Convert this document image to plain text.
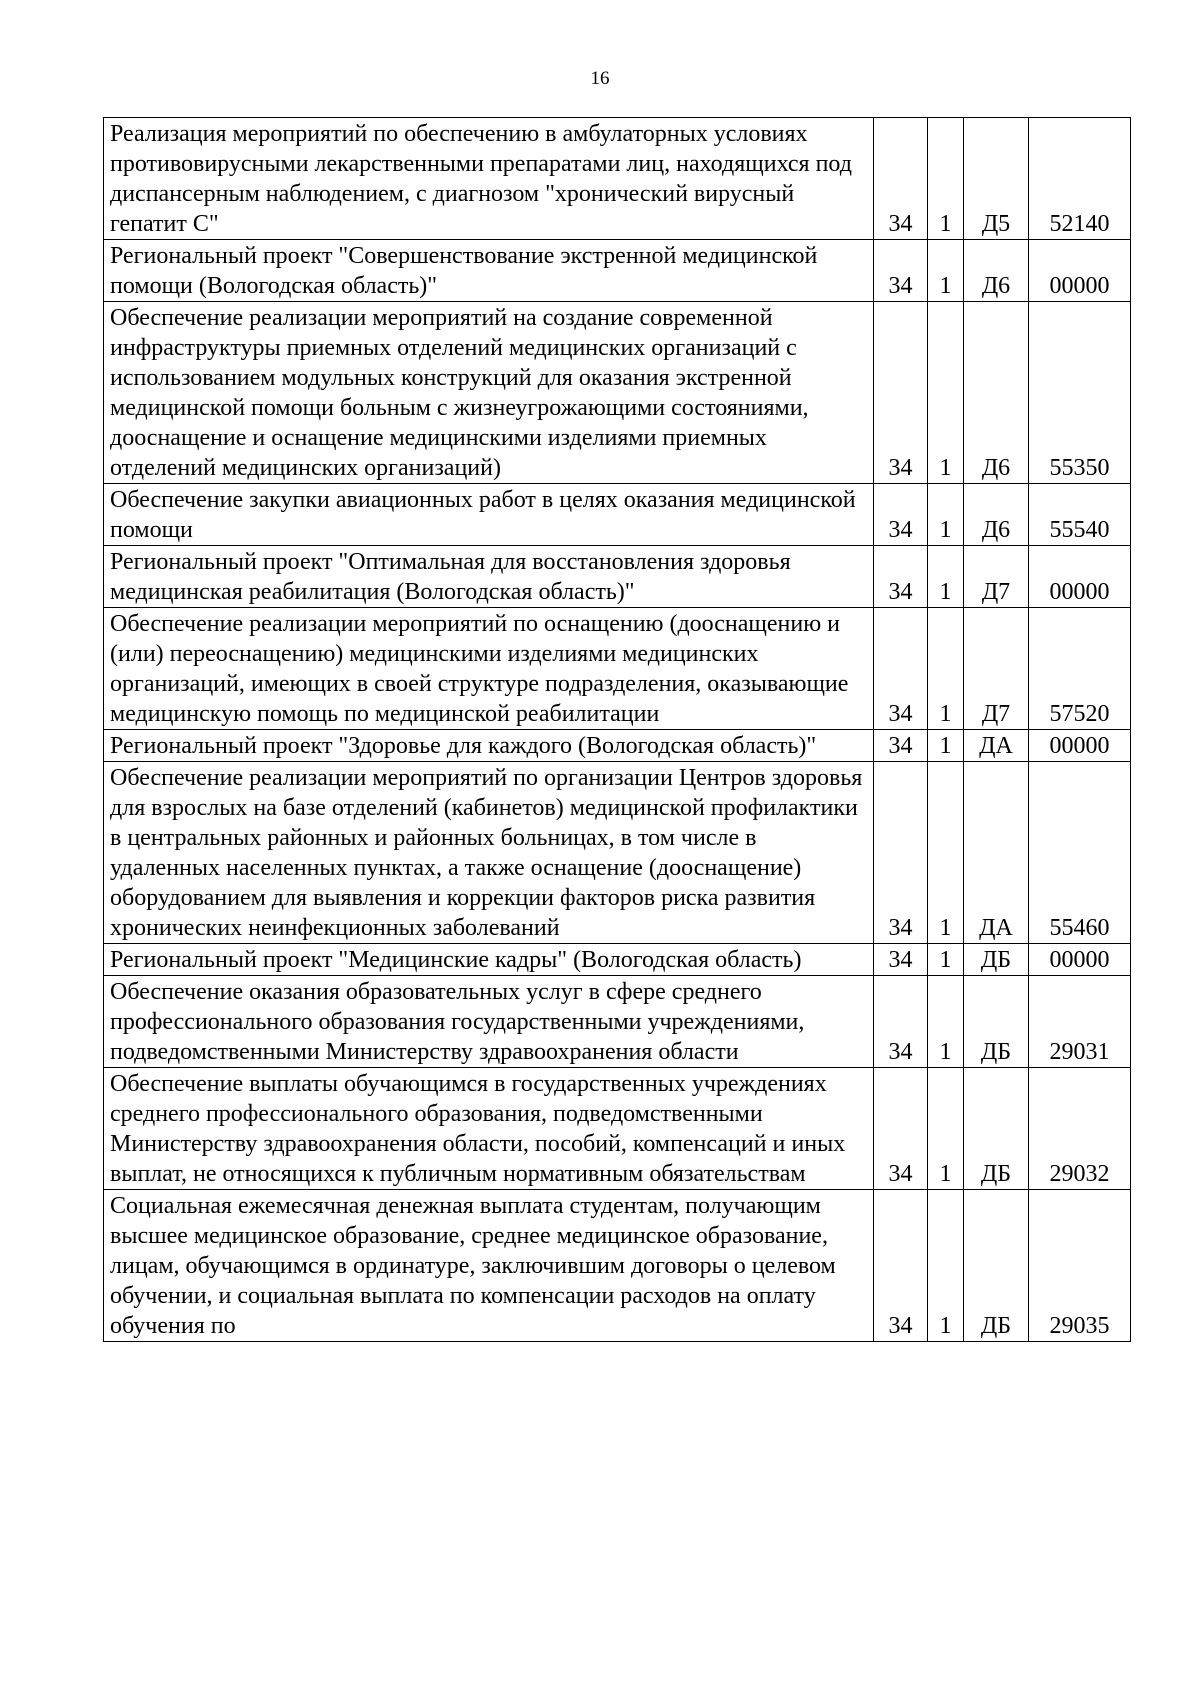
16
Реализация мероприятий по обеспечению в амбулаторных условиях противовирусными лекарственными препаратами лиц, находящихся под диспансерным наблюдением, с диагнозом "хронический вирусный гепатит С"	34	1	Д5	52140
Региональный проект "Совершенствование экстренной медицинской помощи (Вологодская область)"	34	1	Д6	00000
Обеспечение реализации мероприятий на создание современной инфраструктуры приемных отделений медицинских организаций с использованием модульных конструкций для оказания экстренной медицинской помощи больным с жизнеугрожающими состояниями, дооснащение и оснащение медицинскими изделиями приемных отделений медицинских организаций)	34	1	Д6	55350
Обеспечение закупки авиационных работ в целях оказания медицинской помощи	34	1	Д6	55540
Региональный проект "Оптимальная для восстановления здоровья медицинская реабилитация (Вологодская область)"	34	1	Д7	00000
Обеспечение реализации мероприятий по оснащению (дооснащению и (или) переоснащению) медицинскими изделиями медицинских организаций, имеющих в своей структуре подразделения, оказывающие медицинскую помощь по медицинской реабилитации	34	1	Д7	57520
Региональный проект "Здоровье для каждого (Вологодская область)"	34	1	ДА	00000
Обеспечение реализации мероприятий по организации Центров здоровья для взрослых на базе отделений (кабинетов) медицинской профилактики в центральных районных и районных больницах, в том числе в удаленных населенных пунктах, а также оснащение (дооснащение) оборудованием для выявления и коррекции факторов риска развития хронических неинфекционных заболеваний	34	1	ДА	55460
Региональный проект "Медицинские кадры" (Вологодская область)	34	1	ДБ	00000
Обеспечение оказания образовательных услуг в сфере среднего профессионального образования государственными учреждениями, подведомственными Министерству здравоохранения области	34	1	ДБ	29031
Обеспечение выплаты обучающимся в государственных учреждениях среднего профессионального образования, подведомственными Министерству здравоохранения области, пособий, компенсаций и иных выплат, не относящихся к публичным нормативным обязательствам	34	1	ДБ	29032
Социальная ежемесячная денежная выплата студентам, получающим высшее медицинское образование, среднее медицинское образование, лицам, обучающимся в ординатуре, заключившим договоры о целевом обучении, и социальная выплата по компенсации расходов на оплату обучения по	34	1	ДБ	29035
